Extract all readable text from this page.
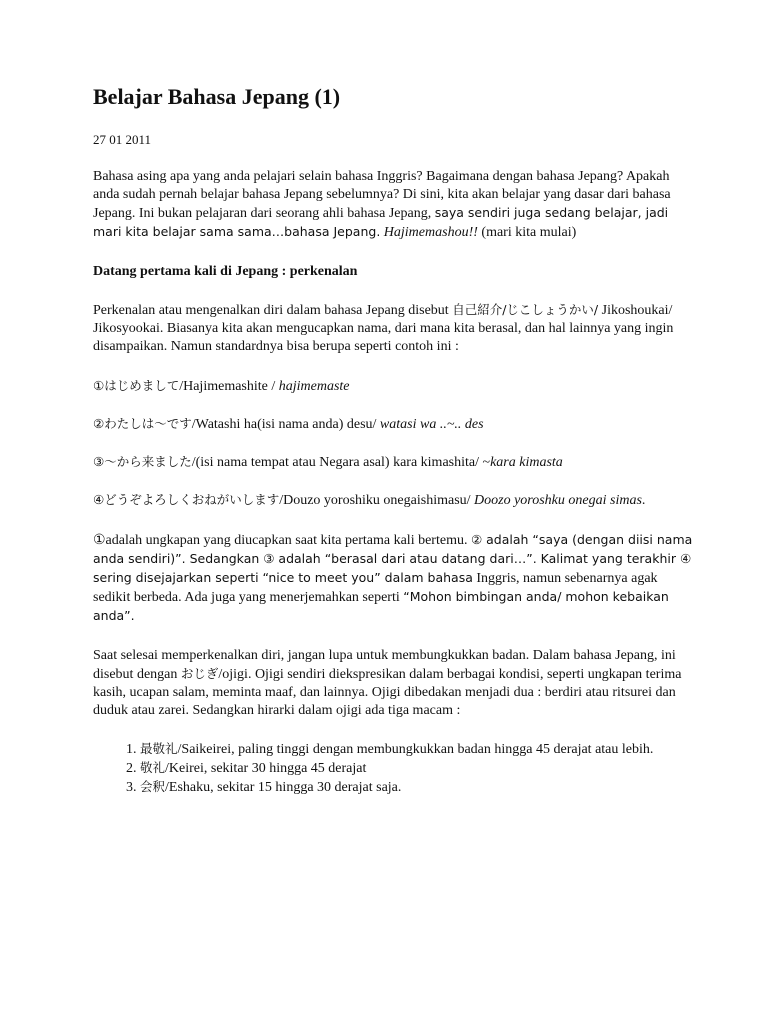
Belajar Bahasa Jepang (1)
27 01 2011

Bahasa asing apa yang anda pelajari selain bahasa Inggris? Bagaimana dengan bahasa Jepang? Apakah anda sudah pernah belajar bahasa Jepang sebelumnya? Di sini, kita akan belajar yang dasar dari bahasa Jepang. Ini bukan pelajaran dari seorang ahli bahasa Jepang, saya sendiri juga sedang belajar, jadi mari kita belajar sama sama…bahasa Jepang. Hajimemashou!! (mari kita mulai)

Datang pertama kali di Jepang : perkenalan

Perkenalan atau mengenalkan diri dalam bahasa Jepang disebut 自己紹介/じこしょうかい/ Jikoshoukai/ Jikosyookai. Biasanya kita akan mengucapkan nama, dari mana kita berasal, dan hal lainnya yang ingin disampaikan. Namun standardnya bisa berupa seperti contoh ini :

①はじめまして/Hajimemashite / hajimemaste

②わたしは〜です/Watashi ha(isi nama anda) desu/ watasi wa ..~.. des

③〜から来ました/(isi nama tempat atau Negara asal) kara kimashita/ ~kara kimasta

④どうぞよろしくおねがいします/Douzo yoroshiku onegaishimasu/ Doozo yoroshku onegai simas.

①adalah ungkapan yang diucapkan saat kita pertama kali bertemu. ② adalah “saya (dengan diisi nama anda sendiri)”. Sedangkan ③ adalah “berasal dari atau datang dari…”. Kalimat yang terakhir ④ sering disejajarkan seperti “nice to meet you” dalam bahasa Inggris, namun sebenarnya agak sedikit berbeda. Ada juga yang menerjemahkan seperti “Mohon bimbingan anda/ mohon kebaikan anda”.

Saat selesai memperkenalkan diri, jangan lupa untuk membungkukkan badan. Dalam bahasa Jepang, ini disebut dengan おじぎ/ojigi. Ojigi sendiri diekspresikan dalam berbagai kondisi, seperti ungkapan terima kasih, ucapan salam, meminta maaf, dan lainnya. Ojigi dibedakan menjadi dua : berdiri atau ritsurei dan duduk atau zarei. Sedangkan hirarki dalam ojigi ada tiga macam :

1. 最敬礼/Saikeirei, paling tinggi dengan membungkukkan badan hingga 45 derajat atau lebih.
2. 敬礼/Keirei, sekitar 30 hingga 45 derajat
3. 会釈/Eshaku, sekitar 15 hingga 30 derajat saja.
